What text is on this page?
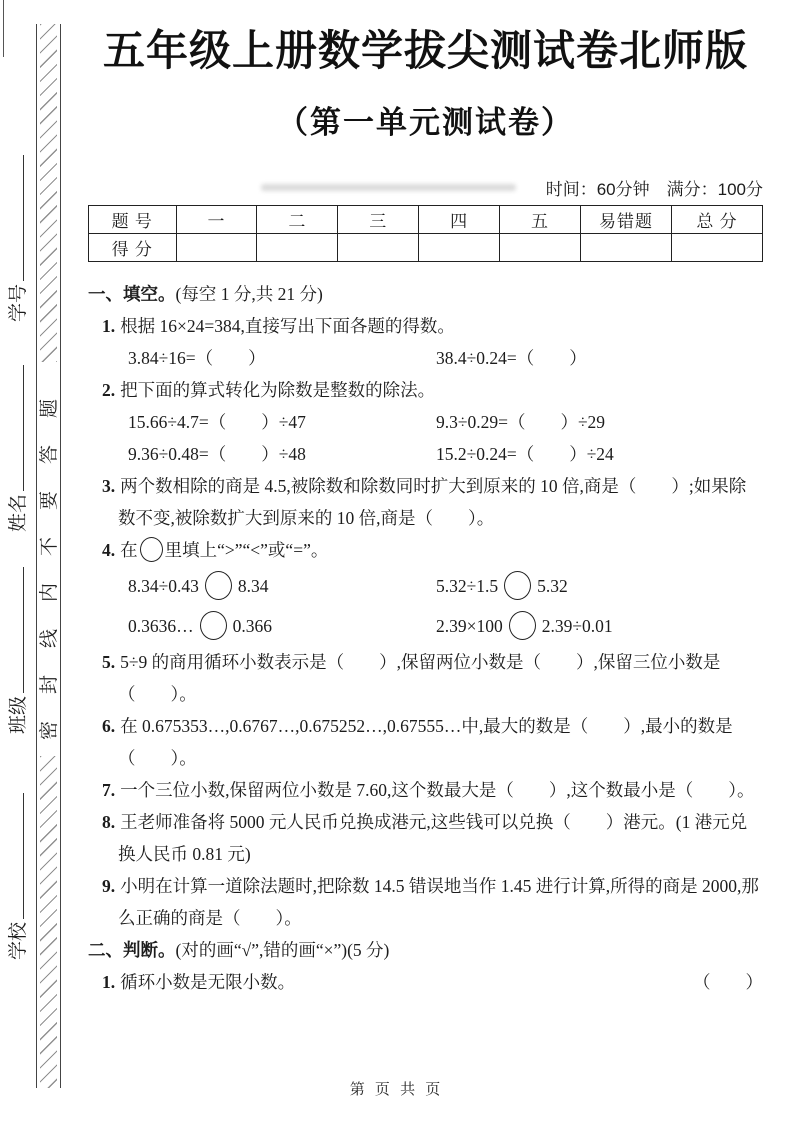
学号
姓名
班级
学校
密封线内不要答题
五年级上册数学拔尖测试卷北师版
（第一单元测试卷）
时间：60分钟　满分：100分
题 号	一	二	三	四	五	易错题	总 分
得 分							
一、填空。(每空 1 分,共 21 分)
1. 根据 16×24=384,直接写出下面各题的得数。
3.84÷16=（　　）	38.4÷0.24=（　　）
2. 把下面的算式转化为除数是整数的除法。
15.66÷4.7=（　　）÷47	9.3÷0.29=（　　）÷29
9.36÷0.48=（　　）÷48	15.2÷0.24=（　　）÷24
3. 两个数相除的商是 4.5,被除数和除数同时扩大到原来的 10 倍,商是（　　）;如果除数不变,被除数扩大到原来的 10 倍,商是（　　）。
4. 在 里填上“>”“<”或“=”。
8.34÷0.43 8.34	5.32÷1.5 5.32
0.3636… 0.366	2.39×100 2.39÷0.01
5. 5÷9 的商用循环小数表示是（　　）,保留两位小数是（　　）,保留三位小数是（　　）。
6. 在 0.675353…,0.6767…,0.675252…,0.67555…中,最大的数是（　　）,最小的数是（　　）。
7. 一个三位小数,保留两位小数是 7.60,这个数最大是（　　）,这个数最小是（　　）。
8. 王老师准备将 5000 元人民币兑换成港元,这些钱可以兑换（　　）港元。(1 港元兑换人民币 0.81 元)
9. 小明在计算一道除法题时,把除数 14.5 错误地当作 1.45 进行计算,所得的商是 2000,那么正确的商是（　　）。
二、判断。(对的画“√”,错的画“×”)(5 分)
（　　）
1. 循环小数是无限小数。
第 页 共 页
